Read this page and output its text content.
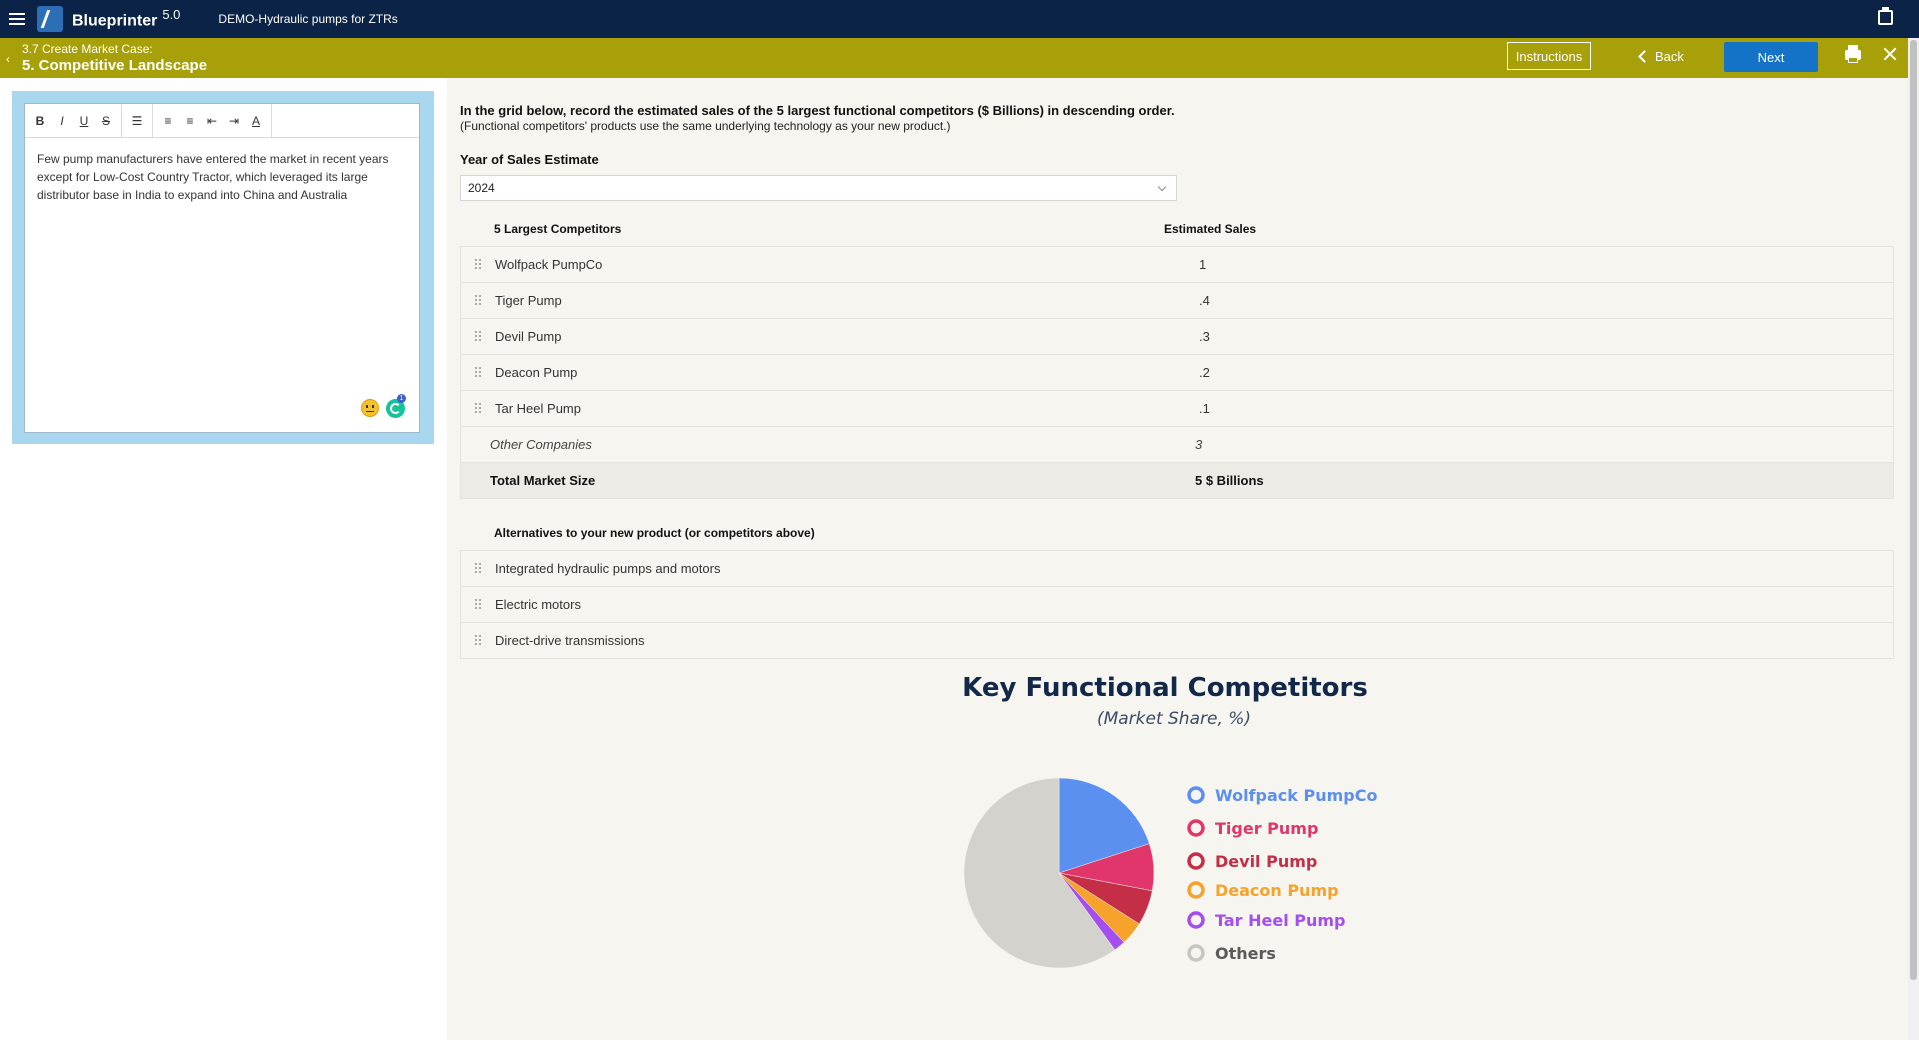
Blueprinter $^{5.0}$	DEMO-Hydraulic pumps for ZTRs
‹
3.7 Create Market Case:
5. Competitive Landscape
Instructions	Back	Next
B	I	U	S	☰	≡	≡	⇤ ⇥	A
Few pump manufacturers have entered the market in recent years except for Low-Cost Country Tractor, which leveraged its large distributor base in India to expand into China and Australia
1
In the grid below, record the estimated sales of the 5 largest functional competitors ($ Billions) in descending order.
(Functional competitors' products use the same underlying technology as your new product.)
Year of Sales Estimate
2024
5 Largest Competitors	Estimated Sales
Wolfpack PumpCo	1
Tiger Pump	.4
Devil Pump	.3
Deacon Pump	.2
Tar Heel Pump	.1
Other Companies	3
Total Market Size	5 $ Billions
Alternatives to your new product (or competitors above)
Integrated hydraulic pumps and motors
Electric motors
Direct-drive transmissions
Key Functional Competitors
(Market Share, %)
Wolfpack PumpCo
Tiger Pump
Devil Pump
Deacon Pump
Tar Heel Pump
Others
